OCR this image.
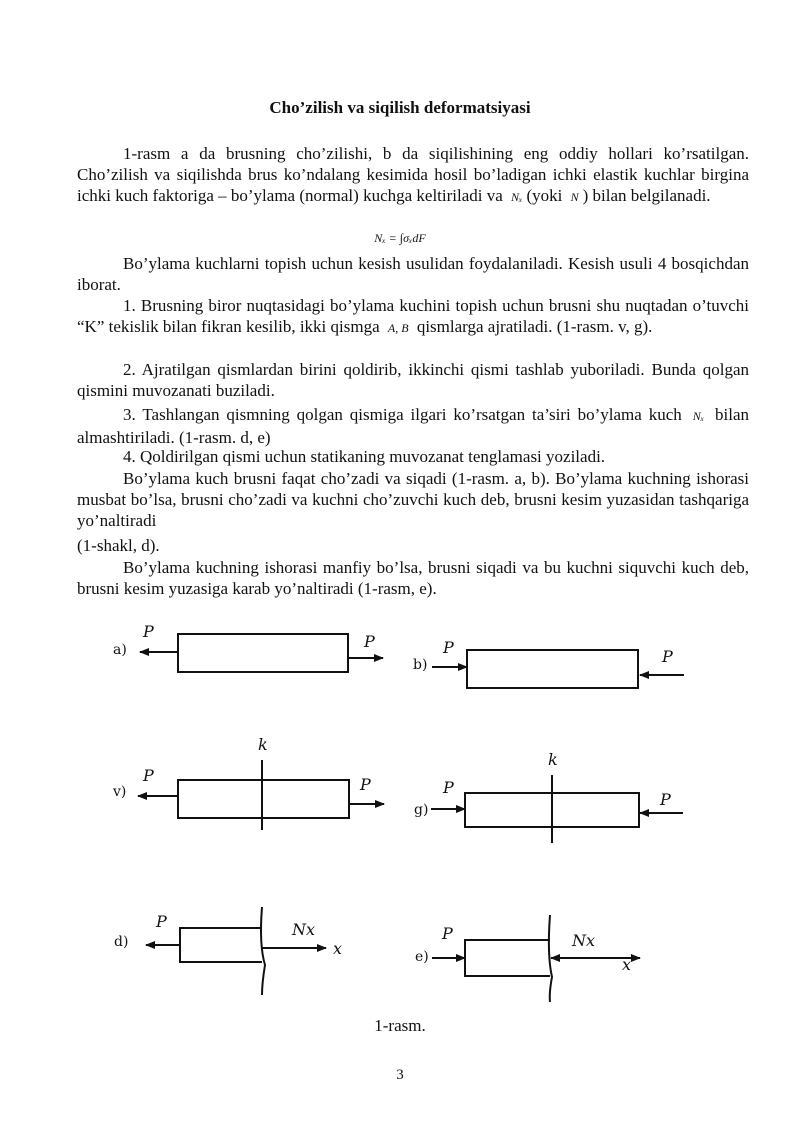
Cho’zilish va siqilish deformatsiyasi

1-rasm a da brusning cho’zilishi, b da siqilishining eng oddiy hollari ko’rsatilgan. Cho’zilish va siqilishda brus ko’ndalang kesimida hosil bo’ladigan ichki elastik kuchlar birgina ichki kuch faktoriga – bo’ylama (normal) kuchga keltiriladi va Nₓ (yoki N ) bilan belgilanadi.

Nₓ = ∫σₓdF

Bo’ylama kuchlarni topish uchun kesish usulidan foydalaniladi. Kesish usuli 4 bosqichdan iborat.

1. Brusning biror nuqtasidagi bo’ylama kuchini topish uchun brusni shu nuqtadan o’tuvchi “K” tekislik bilan fikran kesilib, ikki qismga A, B qismlarga ajratiladi. (1-rasm. v, g).

2. Ajratilgan qismlardan birini qoldirib, ikkinchi qismi tashlab yuboriladi. Bunda qolgan qismini muvozanati buziladi.

3. Tashlangan qismning qolgan qismiga ilgari ko’rsatgan ta’siri bo’ylama kuch Nₓ bilan almashtiriladi. (1-rasm. d, e)

4. Qoldirilgan qismi uchun statikaning muvozanat tenglamasi yoziladi.

Bo’ylama kuch brusni faqat cho’zadi va siqadi (1-rasm. a, b). Bo’ylama kuchning ishorasi musbat bo’lsa, brusni cho’zadi va kuchni cho’zuvchi kuch deb, brusni kesim yuzasidan tashqariga yo’naltiradi

(1-shakl, d).

Bo’ylama kuchning ishorasi manfiy bo’lsa, brusni siqadi va bu kuchni siquvchi kuch deb, brusni kesim yuzasiga karab yo’naltiradi (1-rasm, e).

a)
P
P
b)
P	P
v)
k
P	P
g)
k
P
P
d)
P	Nx
x	e)
P	Nx
x
1-rasm.
3
